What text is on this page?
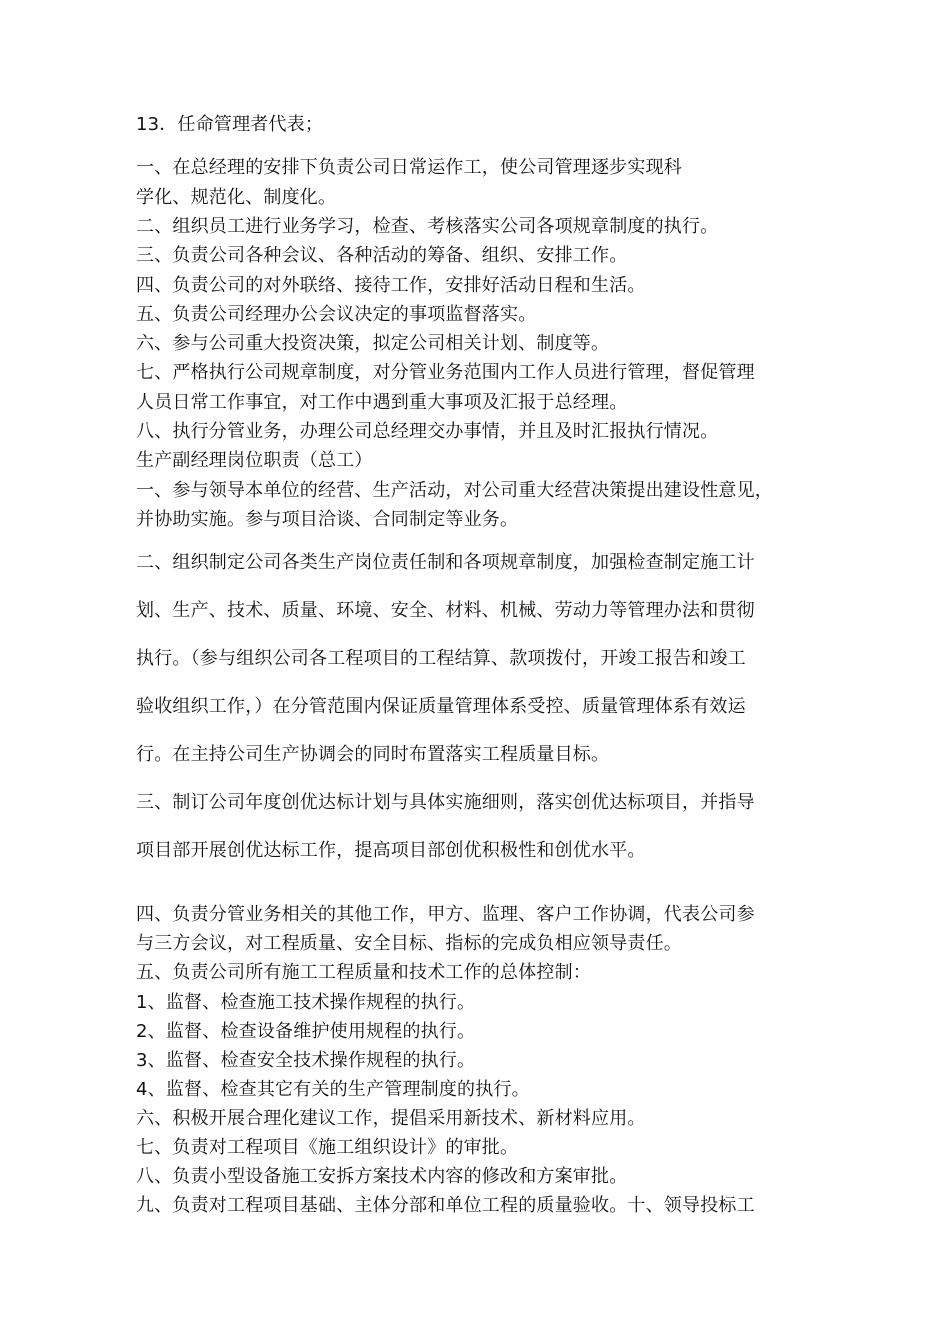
13．任命管理者代表；
一、在总经理的安排下负责公司日常运作工，使公司管理逐步实现科
学化、规范化、制度化。
二、组织员工进行业务学习，检查、考核落实公司各项规章制度的执行。
三、负责公司各种会议、各种活动的筹备、组织、安排工作。
四、负责公司的对外联络、接待工作，安排好活动日程和生活。
五、负责公司经理办公会议决定的事项监督落实。
六、参与公司重大投资决策，拟定公司相关计划、制度等。
七、严格执行公司规章制度，对分管业务范围内工作人员进行管理，督促管理
人员日常工作事宜，对工作中遇到重大事项及汇报于总经理。
八、执行分管业务，办理公司总经理交办事情，并且及时汇报执行情况。
生产副经理岗位职责（总工）
一、参与领导本单位的经营、生产活动，对公司重大经营决策提出建设性意见，
并协助实施。参与项目洽谈、合同制定等业务。
二、组织制定公司各类生产岗位责任制和各项规章制度，加强检查制定施工计
划、生产、技术、质量、环境、安全、材料、机械、劳动力等管理办法和贯彻
执行。（参与组织公司各工程项目的工程结算、款项拨付，开竣工报告和竣工
验收组织工作，）在分管范围内保证质量管理体系受控、质量管理体系有效运
行。在主持公司生产协调会的同时布置落实工程质量目标。
三、制订公司年度创优达标计划与具体实施细则，落实创优达标项目，并指导
项目部开展创优达标工作，提高项目部创优积极性和创优水平。
四、负责分管业务相关的其他工作，甲方、监理、客户工作协调，代表公司参
与三方会议，对工程质量、安全目标、指标的完成负相应领导责任。
五、负责公司所有施工工程质量和技术工作的总体控制：
1、监督、检查施工技术操作规程的执行。
2、监督、检查设备维护使用规程的执行。
3、监督、检查安全技术操作规程的执行。
4、监督、检查其它有关的生产管理制度的执行。
六、积极开展合理化建议工作，提倡采用新技术、新材料应用。
七、负责对工程项目《施工组织设计》的审批。
八、负责小型设备施工安拆方案技术内容的修改和方案审批。
九、负责对工程项目基础、主体分部和单位工程的质量验收。十、领导投标工
